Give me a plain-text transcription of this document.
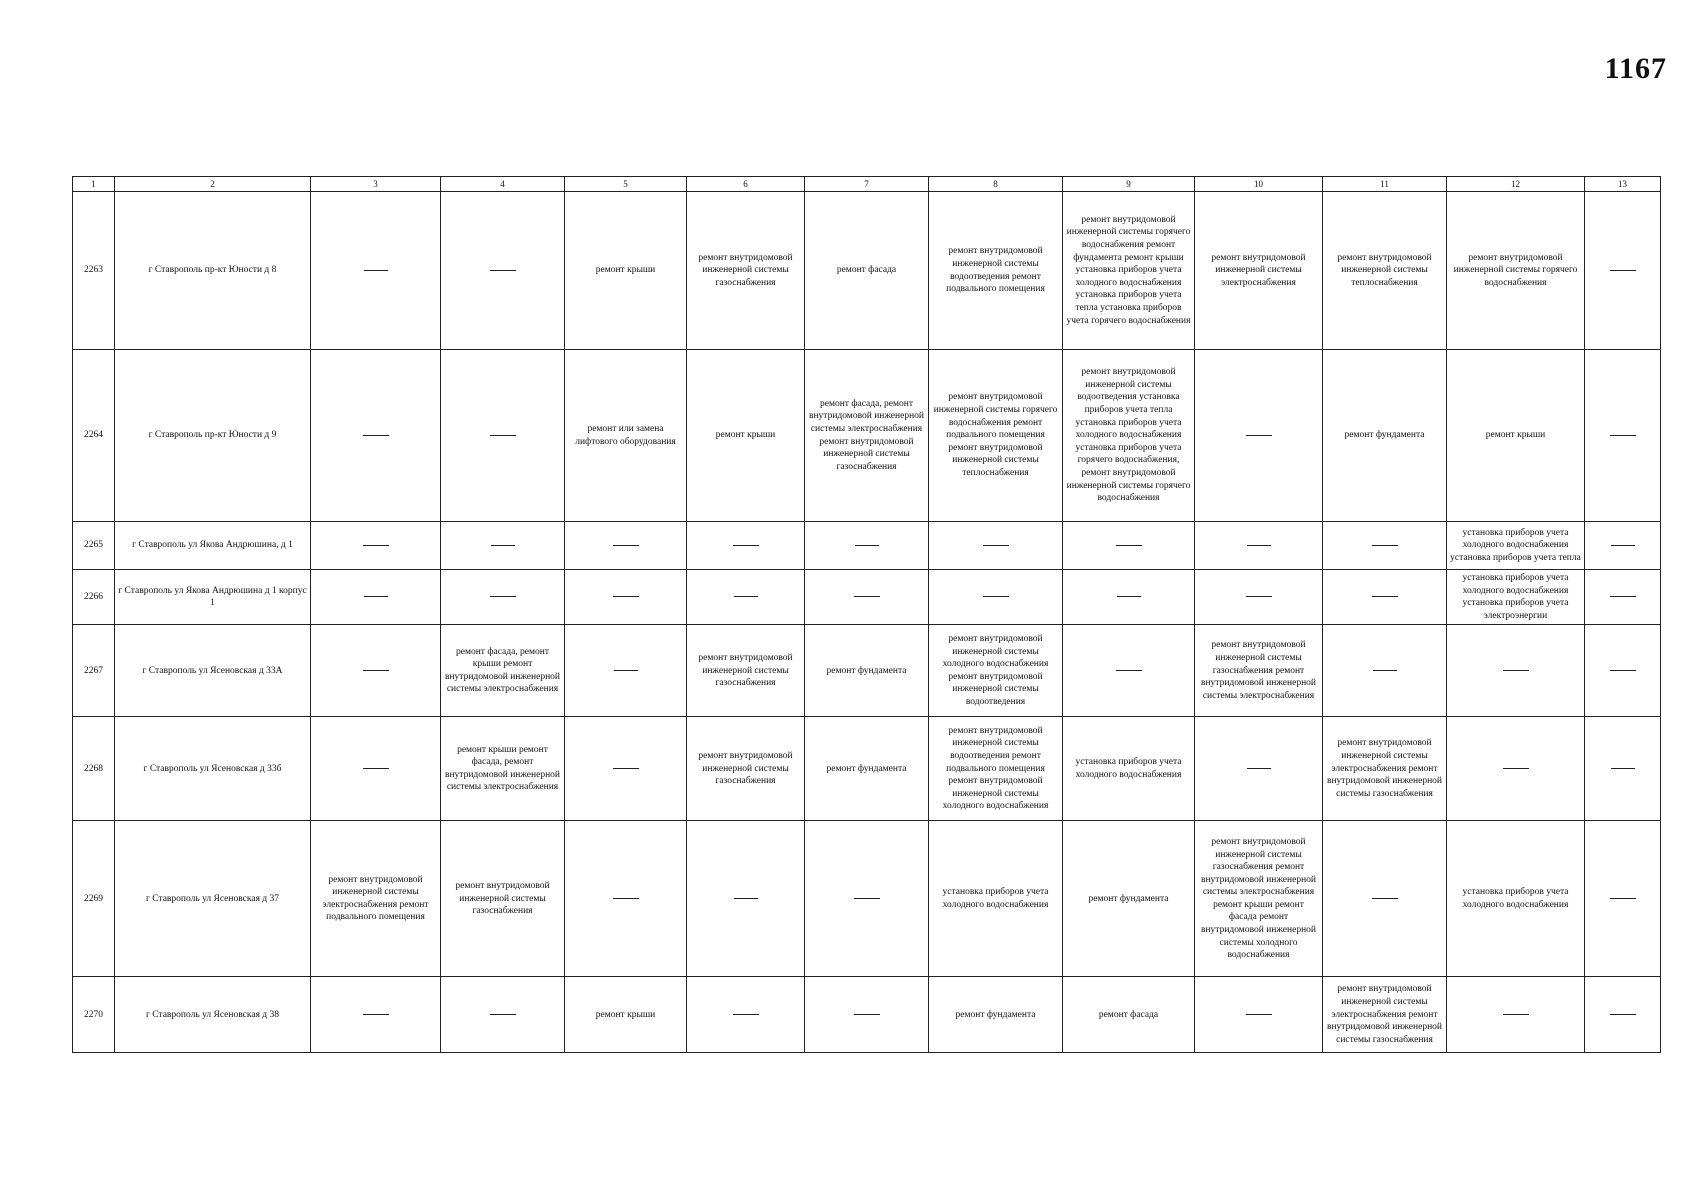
1167
1	2	3	4	5	6	7	8	9	10	11	12	13
2263	г Ставрополь пр-кт Юности д 8			ремонт крыши	ремонт внутридомовой инженерной системы газоснабжения	ремонт фасада	ремонт внутридомовой инженерной системы водоотведения ремонт подвального помещения	ремонт внутридомовой инженерной системы горячего водоснабжения ремонт фундамента ремонт крыши установка приборов учета холодного водоснабжения установка приборов учета тепла установка приборов учета горячего водоснабжения	ремонт внутридомовой инженерной системы электроснабжения	ремонт внутридомовой инженерной системы теплоснабжения	ремонт внутридомовой инженерной системы горячего водоснабжения	
2264	г Ставрополь пр-кт Юности д 9			ремонт или замена лифтового оборудования	ремонт крыши	ремонт фасада, ремонт внутридомовой инженерной системы электроснабжения ремонт внутридомовой инженерной системы газоснабжения	ремонт внутридомовой инженерной системы горячего водоснабжения ремонт подвального помещения ремонт внутридомовой инженерной системы теплоснабжения	ремонт внутридомовой инженерной системы водоотведения установка приборов учета тепла установка приборов учета холодного водоснабжения установка приборов учета горячего водоснабжения, ремонт внутридомовой инженерной системы горячего водоснабжения		ремонт фундамента	ремонт крыши	
2265	г Ставрополь ул Якова Андрюшина, д 1										установка приборов учета холодного водоснабжения установка приборов учета тепла	
2266	г Ставрополь ул Якова Андрюшина д 1 корпус 1										установка приборов учета холодного водоснабжения установка приборов учета электроэнергии	
2267	г Ставрополь ул Ясеновская д 33А		ремонт фасада, ремонт крыши ремонт внутридомовой инженерной системы электроснабжения		ремонт внутридомовой инженерной системы газоснабжения	ремонт фундамента	ремонт внутридомовой инженерной системы холодного водоснабжения ремонт внутридомовой инженерной системы водоотведения		ремонт внутридомовой инженерной системы газоснабжения ремонт внутридомовой инженерной системы электроснабжения			
2268	г Ставрополь ул Ясеновская д 33б		ремонт крыши ремонт фасада, ремонт внутридомовой инженерной системы электроснабжения		ремонт внутридомовой инженерной системы газоснабжения	ремонт фундамента	ремонт внутридомовой инженерной системы водоотведения ремонт подвального помещения ремонт внутридомовой инженерной системы холодного водоснабжения	установка приборов учета холодного водоснабжения		ремонт внутридомовой инженерной системы электроснабжения ремонт внутридомовой инженерной системы газоснабжения		
2269	г Ставрополь ул Ясеновская д 37	ремонт внутридомовой инженерной системы электроснабжения ремонт подвального помещения	ремонт внутридомовой инженерной системы газоснабжения				установка приборов учета холодного водоснабжения	ремонт фундамента	ремонт внутридомовой инженерной системы газоснабжения ремонт внутридомовой инженерной системы электроснабжения ремонт крыши ремонт фасада ремонт внутридомовой инженерной системы холодного водоснабжения		установка приборов учета холодного водоснабжения	
2270	г Ставрополь ул Ясеновская д 38			ремонт крыши			ремонт фундамента	ремонт фасада		ремонт внутридомовой инженерной системы электроснабжения ремонт внутридомовой инженерной системы газоснабжения		
